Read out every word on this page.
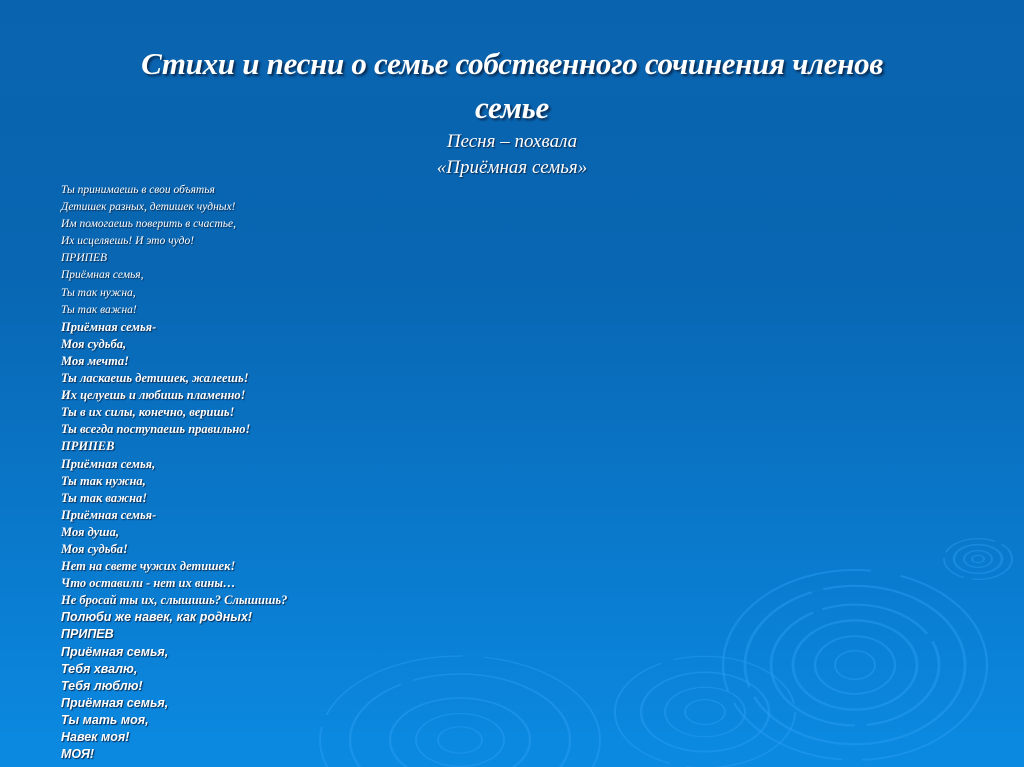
Стихи и песни о семье собственного сочинения членов
семье
Песня – похвала
«Приёмная семья»
Ты принимаешь в свои объятья
Детишек разных, детишек чудных!
Им помогаешь поверить в счастье,
Их исцеляешь! И это чудо!
ПРИПЕВ
Приёмная семья,
Ты так нужна,
Ты так важна!
Приёмная семья-
Моя судьба,
Моя мечта!
Ты ласкаешь детишек, жалеешь!
Их целуешь и любишь пламенно!
Ты в их силы, конечно, веришь!
Ты всегда поступаешь правильно!
ПРИПЕВ
Приёмная семья,
Ты так нужна,
Ты так важна!
Приёмная семья-
Моя душа,
Моя судьба!
Нет на свете чужих детишек!
Что оставили - нет их вины…
Не бросай ты их, слышишь? Слышишь?
Полюби же навек, как родных!
ПРИПЕВ
Приёмная семья,
Тебя хвалю,
Тебя люблю!
Приёмная семья,
Ты мать моя,
Навек моя!
МОЯ!
